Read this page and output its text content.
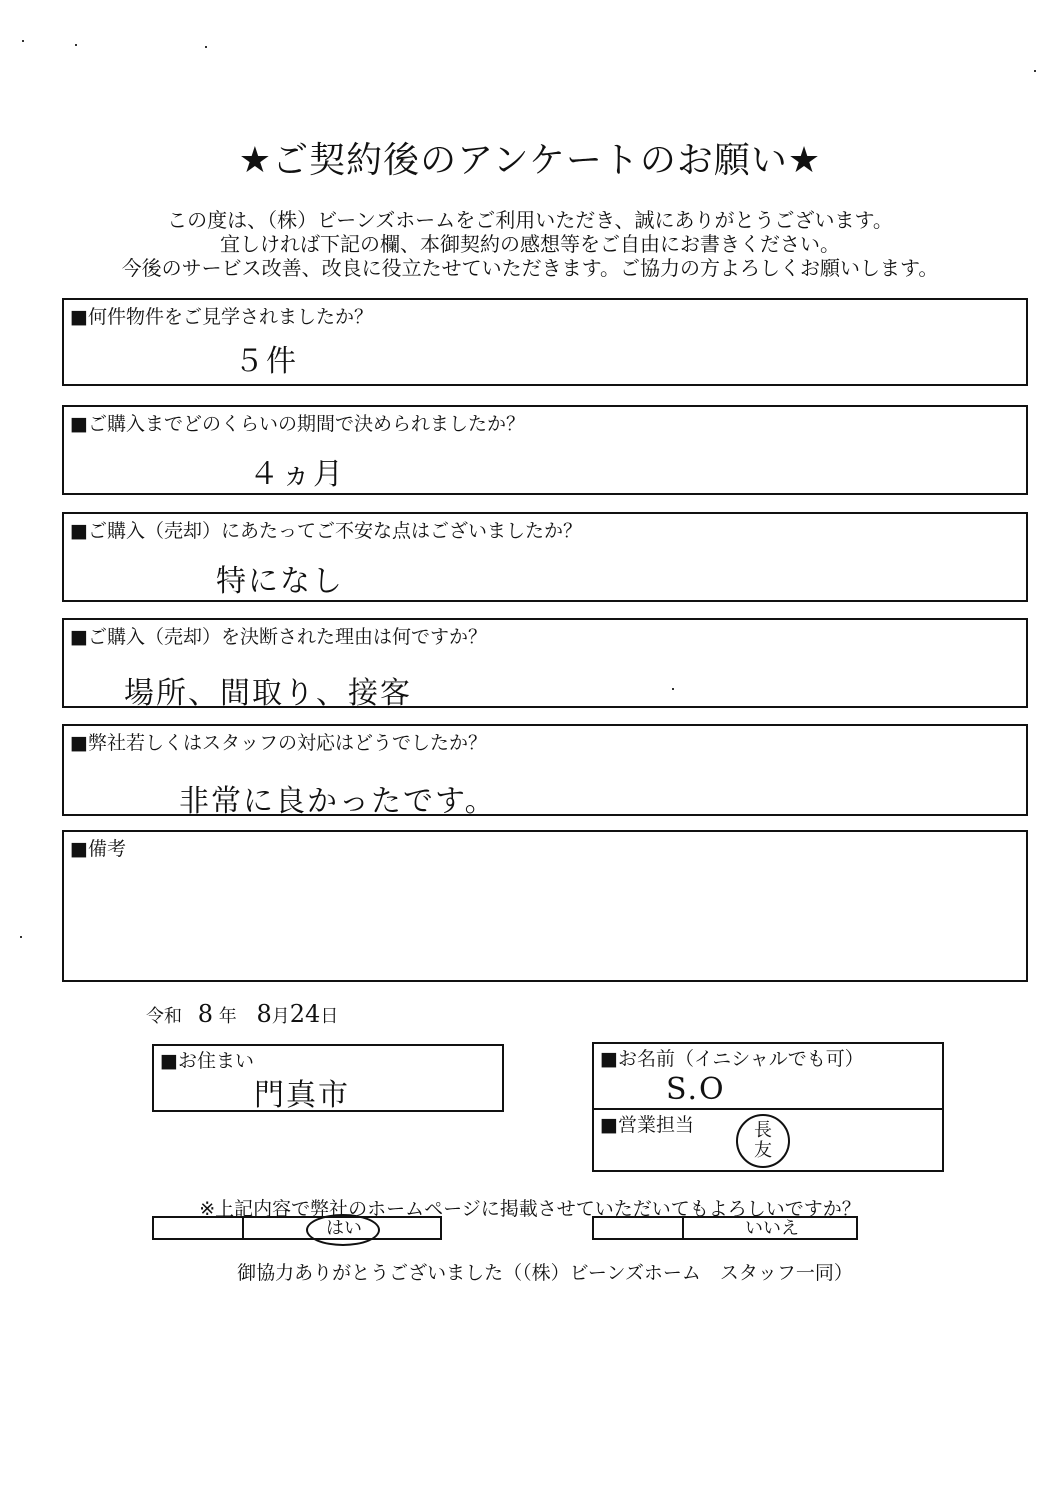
★ご契約後のアンケートのお願い★
この度は、（株）ビーンズホームをご利用いただき、誠にありがとうございます。
宜しければ下記の欄、本御契約の感想等をご自由にお書きください。
今後のサービス改善、改良に役立たせていただきます。ご協力の方よろしくお願いします。
■何件物件をご見学されましたか？
５件
■ご購入までどのくらいの期間で決められましたか？
４ヵ月
■ご購入（売却）にあたってご不安な点はございましたか？
特になし
■ご購入（売却）を決断された理由は何ですか？
場所、間取り、接客
■弊社若しくはスタッフの対応はどうでしたか？
非常に良かったです。
■備考
令和 8 年 8月24日
■お住まい
門真市
■お名前（イニシャルでも可）
S.O
■営業担当	長
友
※上記内容で弊社のホームページに掲載させていただいてもよろしいですか？
はい	いいえ
御協力ありがとうございました（（株）ビーンズホーム　スタッフ一同）
